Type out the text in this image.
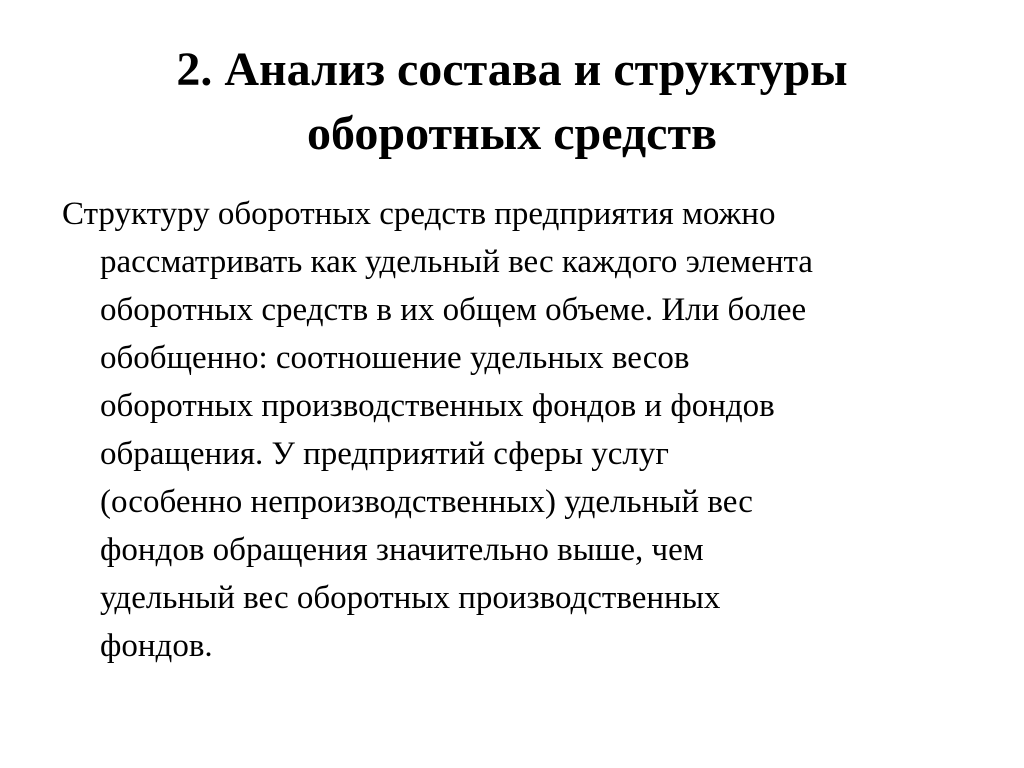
2. Анализ состава и структуры
оборотных средств
Структуру оборотных средств предприятия можно
рассматривать как удельный вес каждого элемента
оборотных средств в их общем объеме. Или более
обобщенно: соотношение удельных весов
оборотных производственных фондов и фондов
обращения. У предприятий сферы услуг
(особенно непроизводственных) удельный вес
фондов обращения значительно выше, чем
удельный вес оборотных производственных
фондов.
